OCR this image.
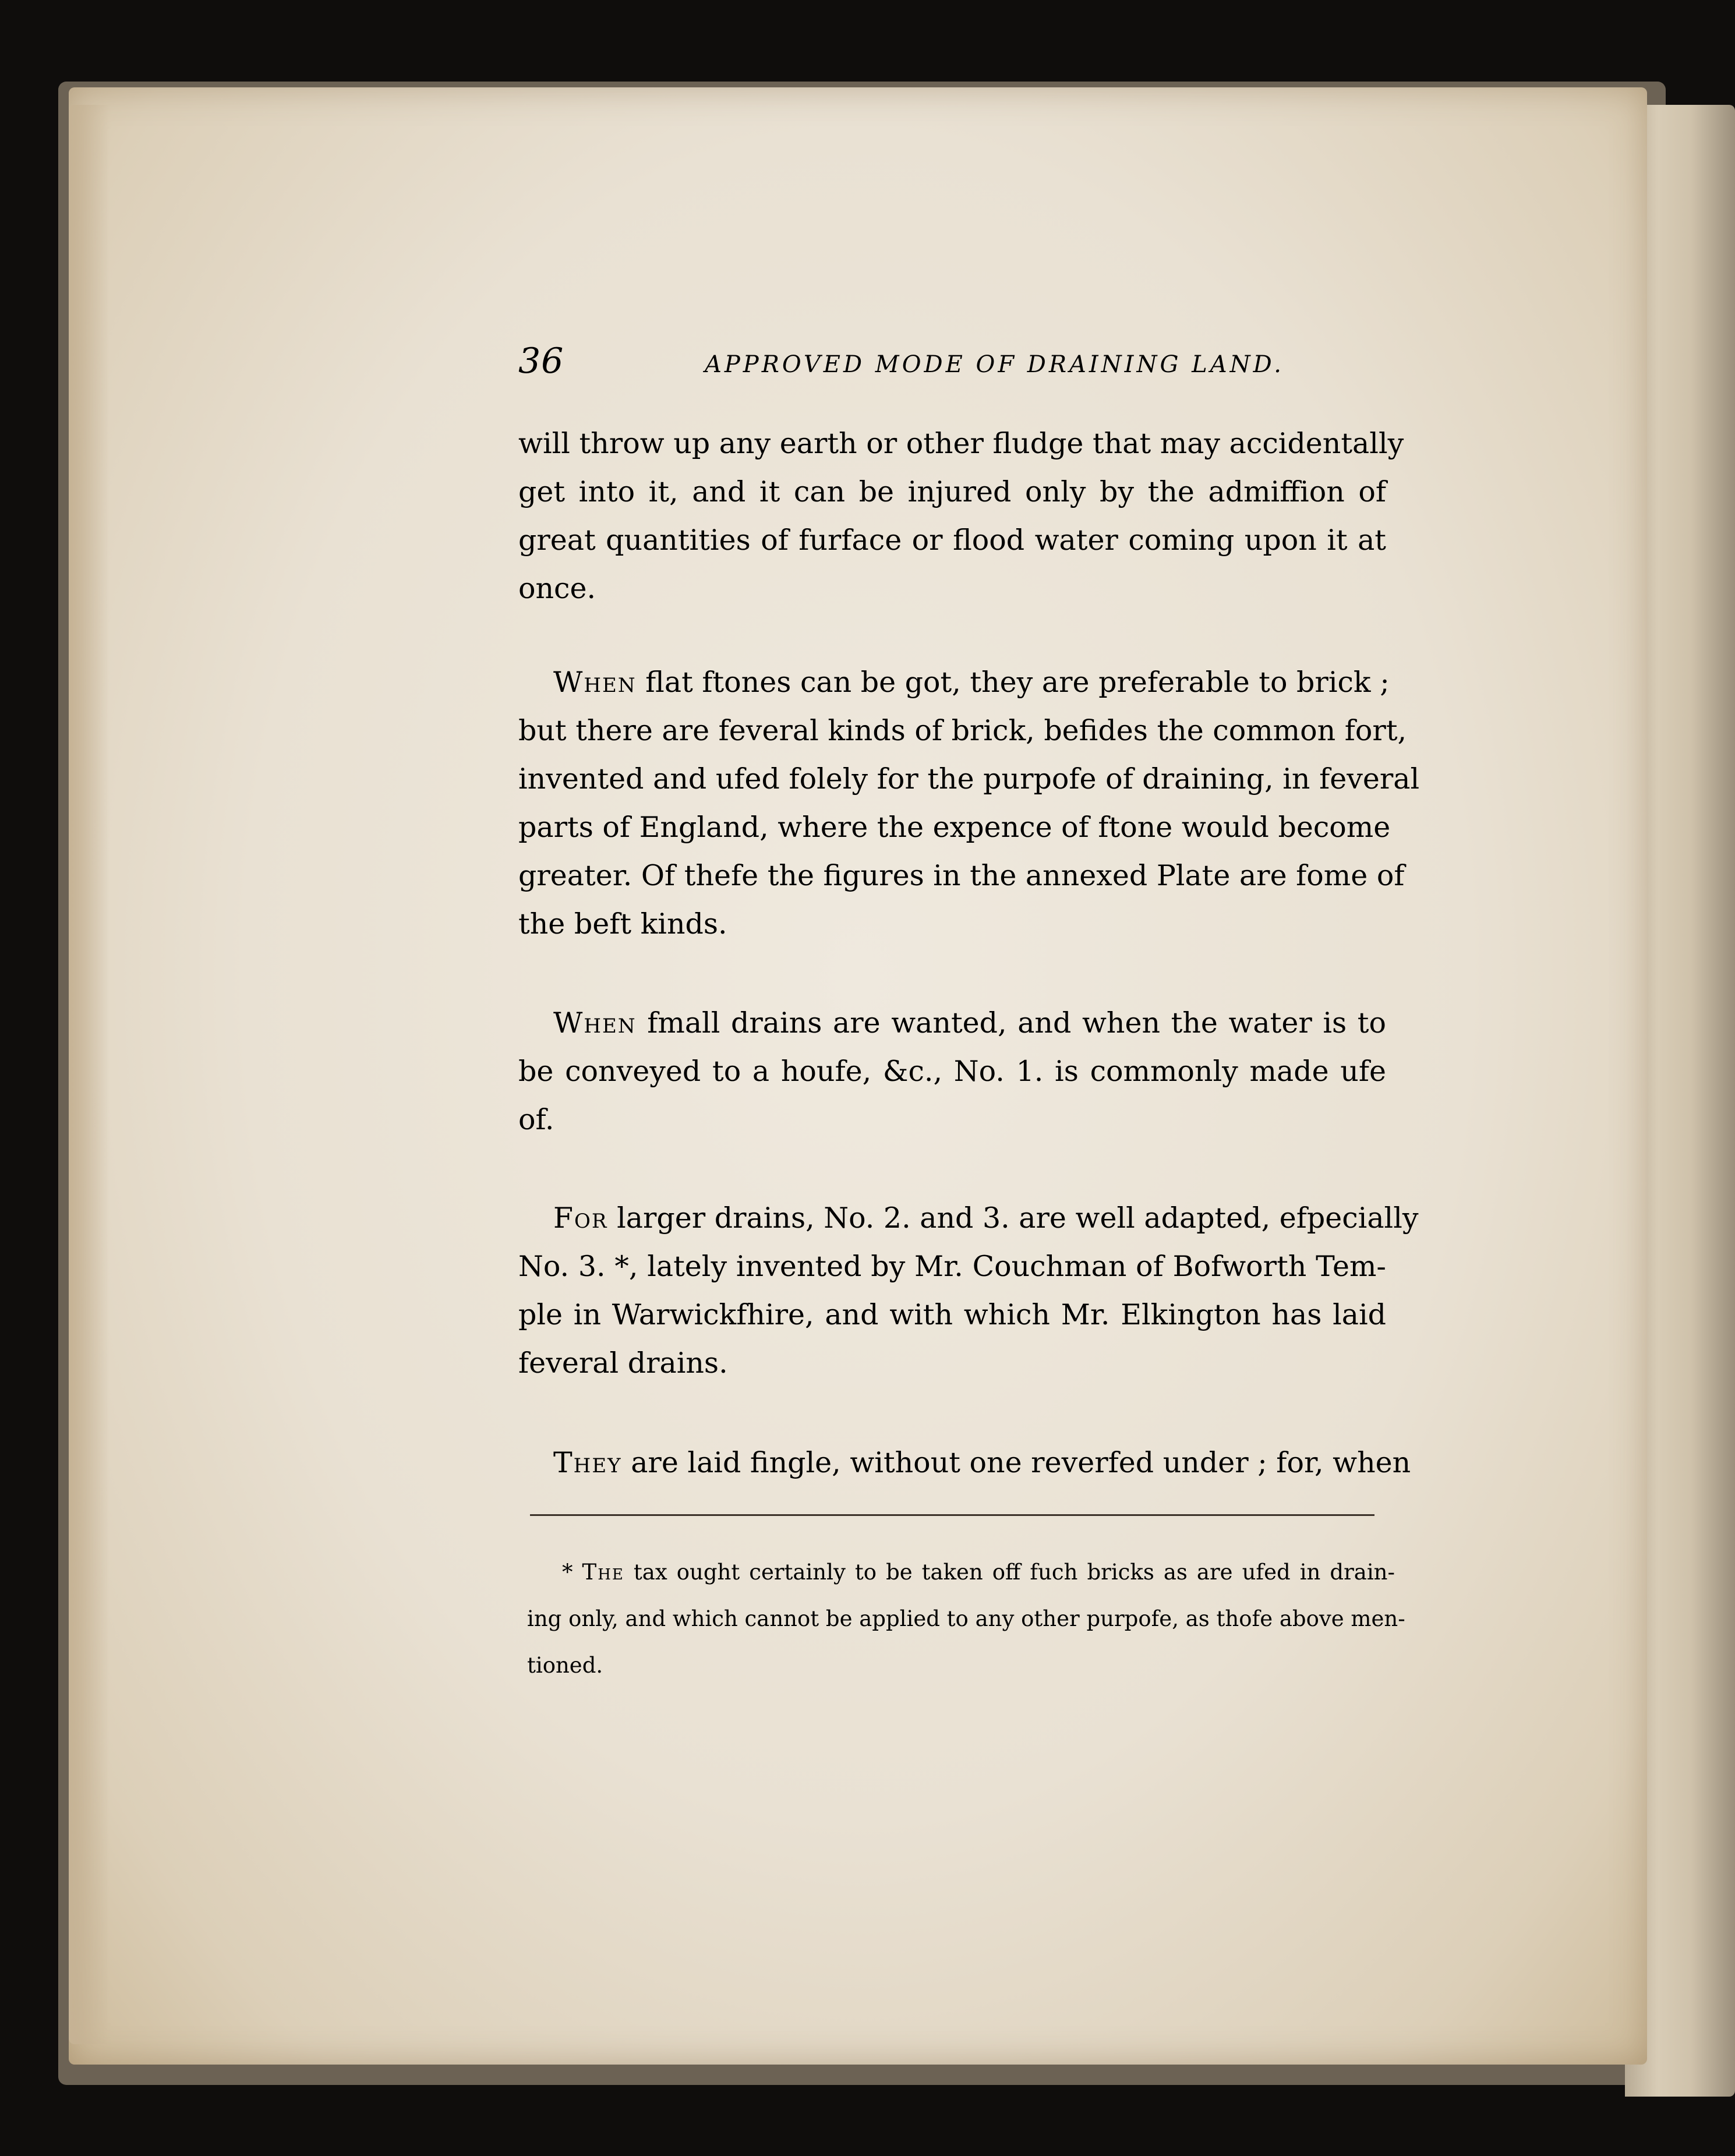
36	APPROVED MODE OF DRAINING LAND.
will throw up any earth or other fludge that may accidentally
get into it, and it can be injured only by the admiffion of
great quantities of furface or flood water coming upon it at
once.
When flat ftones can be got, they are preferable to brick ;
but there are feveral kinds of brick, befides the common fort,
invented and ufed folely for the purpofe of draining, in feveral
parts of England, where the expence of ftone would become
greater. Of thefe the figures in the annexed Plate are fome of
the beft kinds.
When fmall drains are wanted, and when the water is to
be conveyed to a houfe, &c., No. 1. is commonly made ufe
of.
For larger drains, No. 2. and 3. are well adapted, efpecially
No. 3. *, lately invented by Mr. Couchman of Bofworth Tem-
ple in Warwickfhire, and with which Mr. Elkington has laid
feveral drains.
They are laid fingle, without one reverfed under ; for, when
* The tax ought certainly to be taken off fuch bricks as are ufed in drain-
ing only, and which cannot be applied to any other purpofe, as thofe above men-
tioned.
